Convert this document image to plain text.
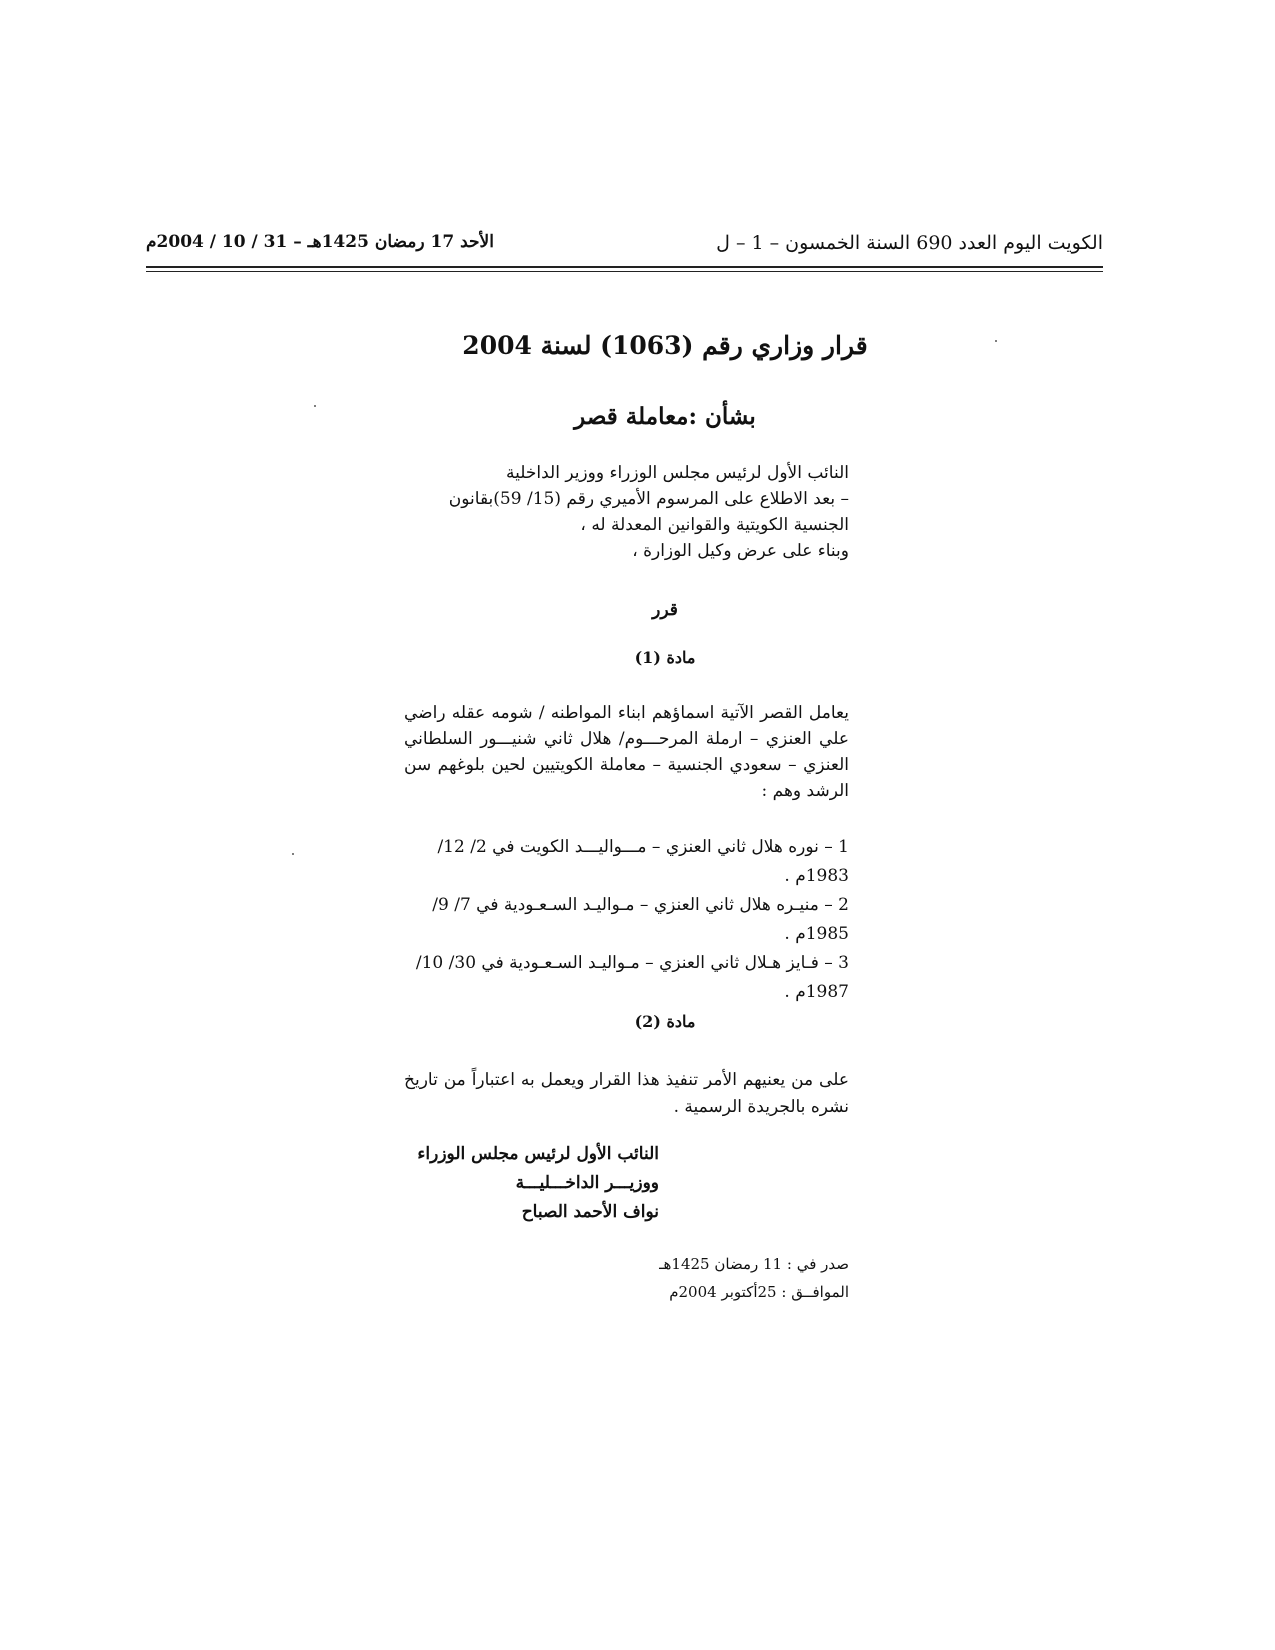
الكويت اليوم العدد 690 السنة الخمسون – 1 – ل
الأحد 17 رمضان 1425هـ – 31 / 10 / 2004م
قرار وزاري رقم (1063) لسنة 2004
بشأن :معاملة قصر
النائب الأول لرئيس مجلس الوزراء ووزير الداخلية
– بعد الاطلاع على المرسوم الأميري رقم (15/ 59)بقانون
الجنسية الكويتية والقوانين المعدلة له ،
وبناء على عرض وكيل الوزارة ،
قرر
مادة (1)
يعامل القصر الآتية اسماؤهم ابناء المواطنه / شومه عقله راضي علي العنزي – ارملة المرحـــوم/ هلال ثاني شنيـــور السلطاني العنزي – سعودي الجنسية – معاملة الكويتيين لحين بلوغهم سن الرشد وهم :

1 – نوره هلال ثاني العنزي – مـــواليـــد الكويت في 2/ 12/ 1983م .

2 – منيـره هلال ثاني العنزي – مـواليـد السـعـودية في 7/ 9/ 1985م .

3 – فـايز هـلال ثاني العنزي – مـواليـد السـعـودية في 30/ 10/ 1987م .

مادة (2)
على من يعنيهم الأمر تنفيذ هذا القرار ويعمل به اعتباراً من تاريخ نشره بالجريدة الرسمية .
النائب الأول لرئيس مجلس الوزراء
ووزيـــر الداخـــليـــة
نواف الأحمد الصباح
صدر في : 11 رمضان 1425هـ
الموافــق : 25أكتوبر 2004م
